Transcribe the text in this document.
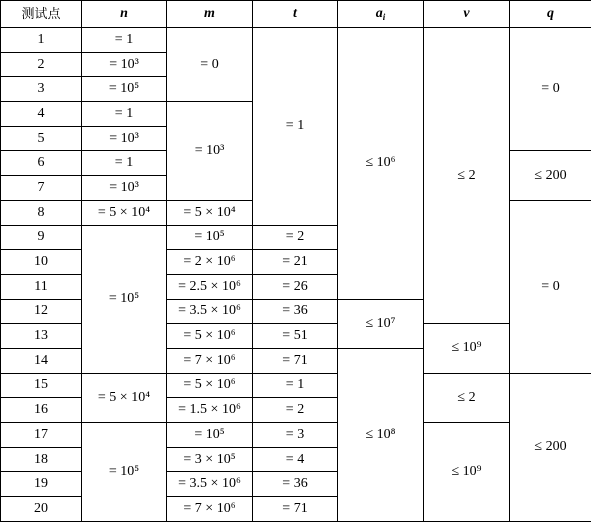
测试点	n	m	t	$a_i$	v	q
1	= 1	= 0	= 1	≤ 10⁶	≤ 2	= 0
2	= 10³					
3	= 10⁵					
4	= 1	= 10³				
5	= 10³					
6	= 1					≤ 200
7	= 10³					
8	= 5 × 10⁴	= 5 × 10⁴				= 0
9	= 10⁵	= 10⁵	= 2			
10		= 2 × 10⁶	= 21			
11		= 2.5 × 10⁶	= 26			
12		= 3.5 × 10⁶	= 36	≤ 10⁷		
13		= 5 × 10⁶	= 51		≤ 10⁹	
14		= 7 × 10⁶	= 71	≤ 10⁸		
15	= 5 × 10⁴	= 5 × 10⁶	= 1		≤ 2	≤ 200
16		= 1.5 × 10⁶	= 2			
17	= 10⁵	= 10⁵	= 3		≤ 10⁹	
18		= 3 × 10⁵	= 4			
19		= 3.5 × 10⁶	= 36			
20		= 7 × 10⁶	= 71			
